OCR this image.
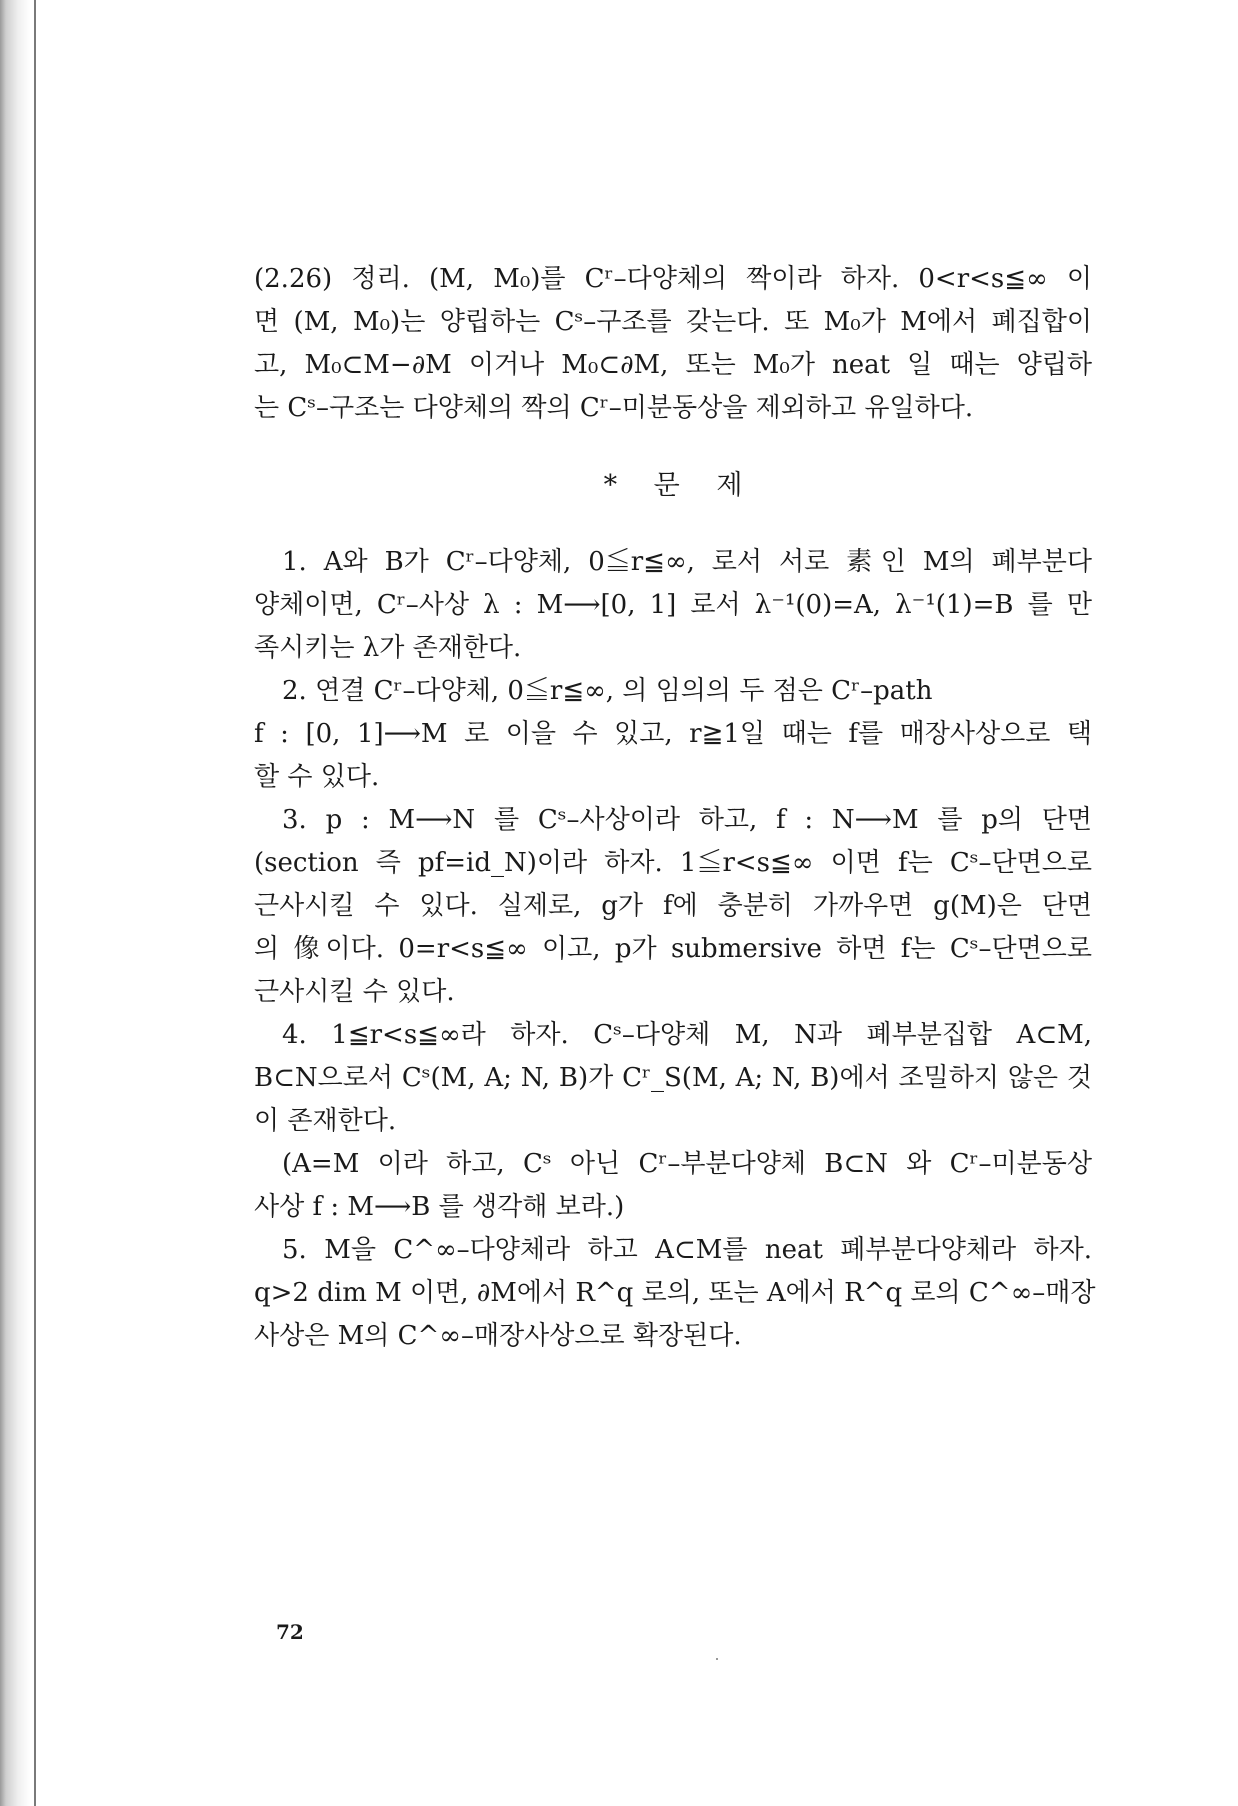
(2.26) 정리. (M, M₀)를 Cʳ–다양체의 짝이라 하자. 0<r<s≦∞ 이
면 (M, M₀)는 양립하는 Cˢ–구조를 갖는다. 또 M₀가 M에서 폐집합이
고, M₀⊂M−∂M 이거나 M₀⊂∂M, 또는 M₀가 neat 일 때는 양립하
는 Cˢ–구조는 다양체의 짝의 Cʳ–미분동상을 제외하고 유일하다.
* 문 제
1. A와 B가 Cʳ–다양체, 0≦r≦∞, 로서 서로 素인 M의 폐부분다
양체이면, Cʳ–사상 λ : M⟶[0, 1] 로서 λ⁻¹(0)=A, λ⁻¹(1)=B 를 만
족시키는 λ가 존재한다.
2. 연결 Cʳ–다양체, 0≦r≦∞, 의 임의의 두 점은 Cʳ–path
f : [0, 1]⟶M 로 이을 수 있고, r≧1일 때는 f를 매장사상으로 택
할 수 있다.
3. p : M⟶N 를 Cˢ–사상이라 하고, f : N⟶M 를 p의 단면
(section 즉 pf=id_N)이라 하자. 1≦r<s≦∞ 이면 f는 Cˢ–단면으로
근사시킬 수 있다. 실제로, g가 f에 충분히 가까우면 g(M)은 단면
의 像이다. 0=r<s≦∞ 이고, p가 submersive 하면 f는 Cˢ–단면으로
근사시킬 수 있다.
4. 1≦r<s≦∞라 하자. Cˢ–다양체 M, N과 폐부분집합 A⊂M,
B⊂N으로서 Cˢ(M, A; N, B)가 Cʳ_S(M, A; N, B)에서 조밀하지 않은 것
이 존재한다.
(A=M 이라 하고, Cˢ 아닌 Cʳ–부분다양체 B⊂N 와 Cʳ–미분동상
사상 f : M⟶B 를 생각해 보라.)
5. M을 C^∞–다양체라 하고 A⊂M를 neat 폐부분다양체라 하자.
q>2 dim M 이면, ∂M에서 R^q 로의, 또는 A에서 R^q 로의 C^∞–매장
사상은 M의 C^∞–매장사상으로 확장된다.
72
